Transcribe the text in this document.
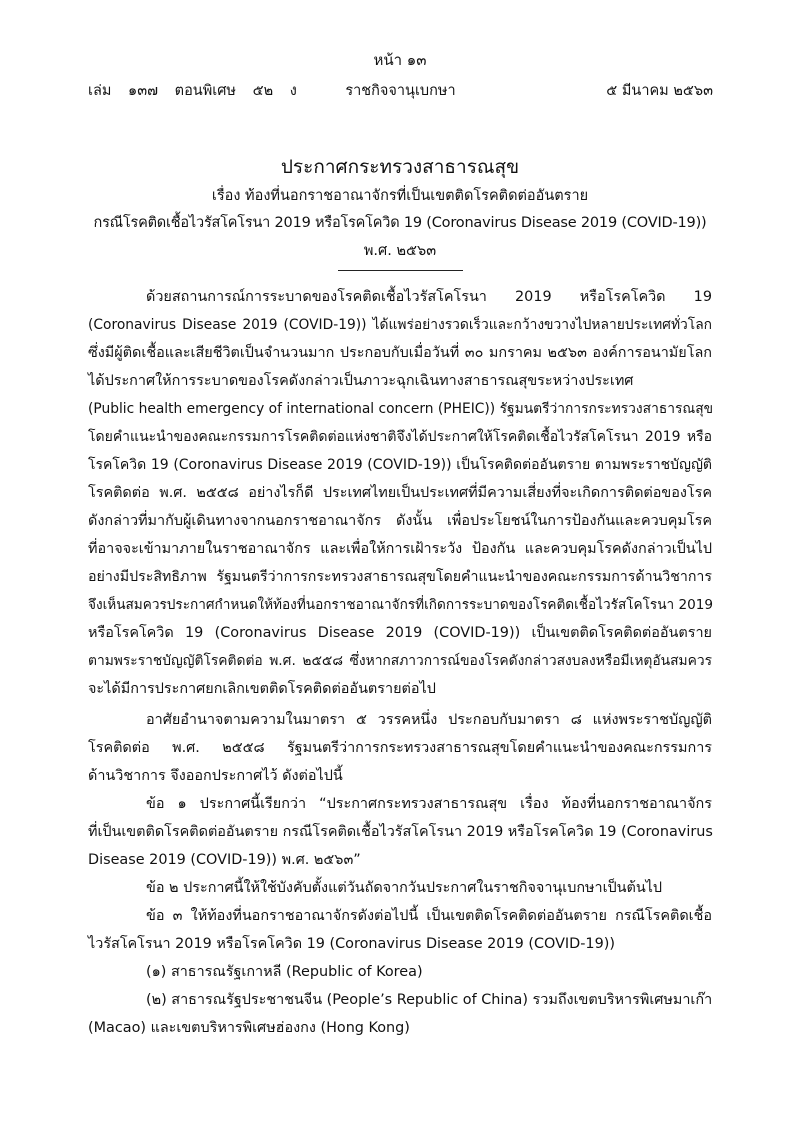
หน้า ๑๓
เล่ม ๑๓๗ ตอนพิเศษ ๕๒ ง	ราชกิจจานุเบกษา	๕ มีนาคม ๒๕๖๓
ประกาศกระทรวงสาธารณสุข
เรื่อง ท้องที่นอกราชอาณาจักรที่เป็นเขตติดโรคติดต่ออันตราย
กรณีโรคติดเชื้อไวรัสโคโรนา 2019 หรือโรคโควิด 19 (Coronavirus Disease 2019 (COVID-19))
พ.ศ. ๒๕๖๓
ด้วยสถานการณ์การระบาดของโรคติดเชื้อไวรัสโคโรนา 2019 หรือโรคโควิด 19
(Coronavirus Disease 2019 (COVID-19)) ได้แพร่อย่างรวดเร็วและกว้างขวางไปหลายประเทศทั่วโลก
ซึ่งมีผู้ติดเชื้อและเสียชีวิตเป็นจำนวนมาก ประกอบกับเมื่อวันที่ ๓๐ มกราคม ๒๕๖๓ องค์การอนามัยโลก
ได้ประกาศให้การระบาดของโรคดังกล่าวเป็นภาวะฉุกเฉินทางสาธารณสุขระหว่างประเทศ
(Public health emergency of international concern (PHEIC)) รัฐมนตรีว่าการกระทรวงสาธารณสุข
โดยคำแนะนำของคณะกรรมการโรคติดต่อแห่งชาติจึงได้ประกาศให้โรคติดเชื้อไวรัสโคโรนา 2019 หรือ
โรคโควิด 19 (Coronavirus Disease 2019 (COVID-19)) เป็นโรคติดต่ออันตราย ตามพระราชบัญญัติ
โรคติดต่อ พ.ศ. ๒๕๕๘ อย่างไรก็ดี ประเทศไทยเป็นประเทศที่มีความเสี่ยงที่จะเกิดการติดต่อของโรค
ดังกล่าวที่มากับผู้เดินทางจากนอกราชอาณาจักร ดังนั้น เพื่อประโยชน์ในการป้องกันและควบคุมโรค
ที่อาจจะเข้ามาภายในราชอาณาจักร และเพื่อให้การเฝ้าระวัง ป้องกัน และควบคุมโรคดังกล่าวเป็นไป
อย่างมีประสิทธิภาพ รัฐมนตรีว่าการกระทรวงสาธารณสุขโดยคำแนะนำของคณะกรรมการด้านวิชาการ
จึงเห็นสมควรประกาศกำหนดให้ท้องที่นอกราชอาณาจักรที่เกิดการระบาดของโรคติดเชื้อไวรัสโคโรนา 2019
หรือโรคโควิด 19 (Coronavirus Disease 2019 (COVID-19)) เป็นเขตติดโรคติดต่ออันตราย
ตามพระราชบัญญัติโรคติดต่อ พ.ศ. ๒๕๕๘ ซึ่งหากสภาวการณ์ของโรคดังกล่าวสงบลงหรือมีเหตุอันสมควร
จะได้มีการประกาศยกเลิกเขตติดโรคติดต่ออันตรายต่อไป
อาศัยอำนาจตามความในมาตรา ๕ วรรคหนึ่ง ประกอบกับมาตรา ๘ แห่งพระราชบัญญัติ
โรคติดต่อ พ.ศ. ๒๕๕๘ รัฐมนตรีว่าการกระทรวงสาธารณสุขโดยคำแนะนำของคณะกรรมการ
ด้านวิชาการ จึงออกประกาศไว้ ดังต่อไปนี้
ข้อ ๑ ประกาศนี้เรียกว่า “ประกาศกระทรวงสาธารณสุข เรื่อง ท้องที่นอกราชอาณาจักร
ที่เป็นเขตติดโรคติดต่ออันตราย กรณีโรคติดเชื้อไวรัสโคโรนา 2019 หรือโรคโควิด 19 (Coronavirus
Disease 2019 (COVID-19)) พ.ศ. ๒๕๖๓”
ข้อ ๒ ประกาศนี้ให้ใช้บังคับตั้งแต่วันถัดจากวันประกาศในราชกิจจานุเบกษาเป็นต้นไป
ข้อ ๓ ให้ท้องที่นอกราชอาณาจักรดังต่อไปนี้ เป็นเขตติดโรคติดต่ออันตราย กรณีโรคติดเชื้อ
ไวรัสโคโรนา 2019 หรือโรคโควิด 19 (Coronavirus Disease 2019 (COVID-19))
(๑) สาธารณรัฐเกาหลี (Republic of Korea)
(๒) สาธารณรัฐประชาชนจีน (People’s Republic of China) รวมถึงเขตบริหารพิเศษมาเก๊า
(Macao) และเขตบริหารพิเศษฮ่องกง (Hong Kong)
